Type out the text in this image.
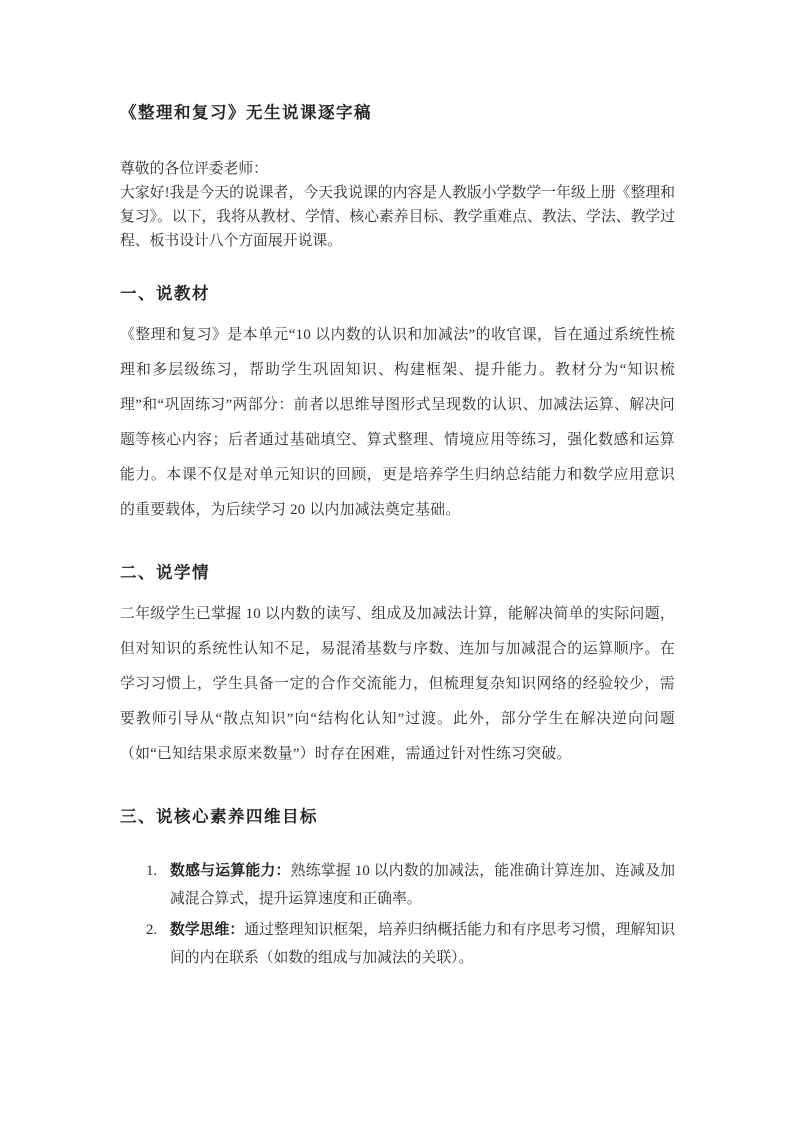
《整理和复习》无生说课逐字稿

尊敬的各位评委老师：

大家好!我是今天的说课者，今天我说课的内容是人教版小学数学一年级上册《整理和复习》。以下，我将从教材、学情、核心素养目标、教学重难点、教法、学法、教学过程、板书设计八个方面展开说课。

一、说教材

《整理和复习》是本单元“10 以内数的认识和加减法”的收官课，旨在通过系统性梳理和多层级练习，帮助学生巩固知识、构建框架、提升能力。教材分为“知识梳理”和“巩固练习”两部分：前者以思维导图形式呈现数的认识、加减法运算、解决问题等核心内容；后者通过基础填空、算式整理、情境应用等练习，强化数感和运算能力。本课不仅是对单元知识的回顾，更是培养学生归纳总结能力和数学应用意识的重要载体，为后续学习 20 以内加减法奠定基础。

二、说学情

二年级学生已掌握 10 以内数的读写、组成及加减法计算，能解决简单的实际问题，但对知识的系统性认知不足，易混淆基数与序数、连加与加减混合的运算顺序。在学习习惯上，学生具备一定的合作交流能力，但梳理复杂知识网络的经验较少，需要教师引导从“散点知识”向“结构化认知”过渡。此外，部分学生在解决逆向问题（如“已知结果求原来数量”）时存在困难，需通过针对性练习突破。

三、说核心素养四维目标
1. 数感与运算能力：熟练掌握 10 以内数的加减法，能准确计算连加、连减及加减混合算式，提升运算速度和正确率。
2. 数学思维：通过整理知识框架，培养归纳概括能力和有序思考习惯，理解知识间的内在联系（如数的组成与加减法的关联）。
